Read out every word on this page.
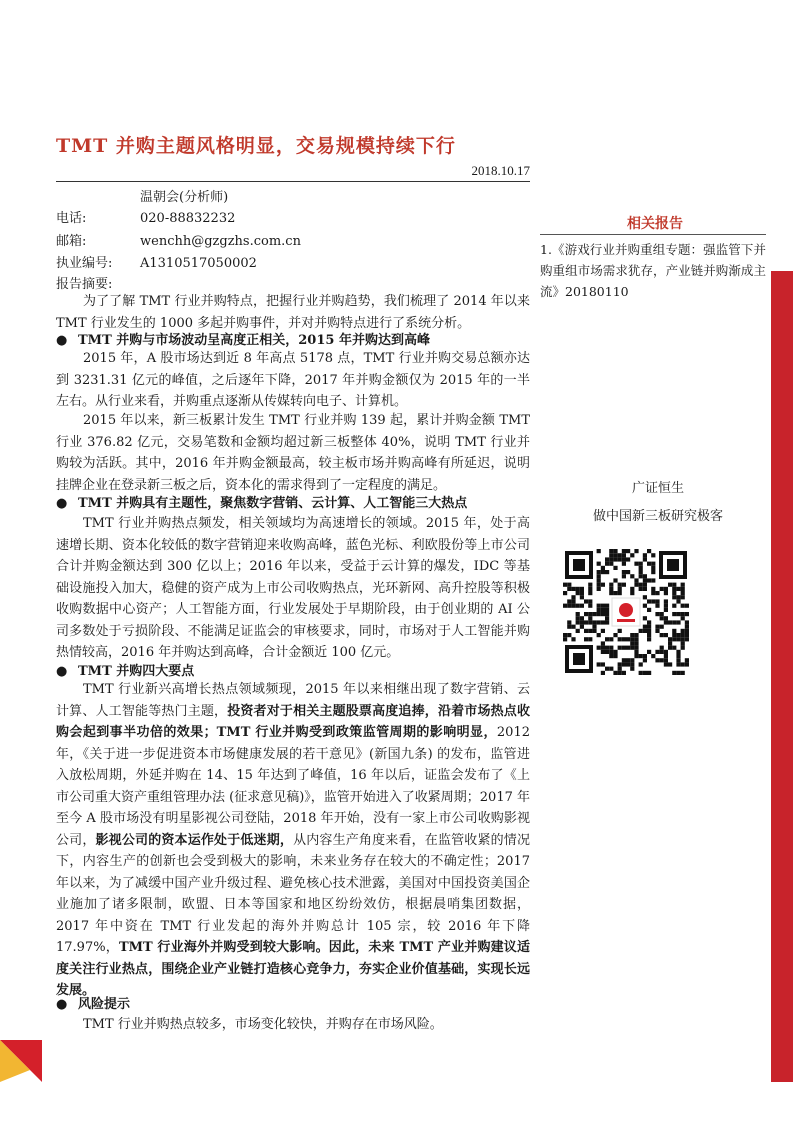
TMT 并购主题风格明显，交易规模持续下行
2018.10.17
温朝会(分析师)
电话:	020-88832232
邮箱:	wenchh@gzgzhs.com.cn
执业编号: A1310517050002
报告摘要:
为了了解 TMT 行业并购特点，把握行业并购趋势，我们梳理了 2014 年以来 TMT 行业发生的 1000 多起并购事件，并对并购特点进行了系统分析。
● TMT 并购与市场波动呈高度正相关，2015 年并购达到高峰
2015 年，A 股市场达到近 8 年高点 5178 点，TMT 行业并购交易总额亦达到 3231.31 亿元的峰值，之后逐年下降，2017 年并购金额仅为 2015 年的一半左右。从行业来看，并购重点逐渐从传媒转向电子、计算机。
2015 年以来，新三板累计发生 TMT 行业并购 139 起，累计并购金额 TMT 行业 376.82 亿元，交易笔数和金额均超过新三板整体 40%，说明 TMT 行业并购较为活跃。其中，2016 年并购金额最高，较主板市场并购高峰有所延迟，说明挂牌企业在登录新三板之后，资本化的需求得到了一定程度的满足。
● TMT 并购具有主题性，聚焦数字营销、云计算、人工智能三大热点
TMT 行业并购热点频发，相关领域均为高速增长的领域。2015 年，处于高速增长期、资本化较低的数字营销迎来收购高峰，蓝色光标、利欧股份等上市公司合计并购金额达到 300 亿以上；2016 年以来，受益于云计算的爆发，IDC 等基础设施投入加大，稳健的资产成为上市公司收购热点，光环新网、高升控股等积极收购数据中心资产；人工智能方面，行业发展处于早期阶段，由于创业期的 AI 公司多数处于亏损阶段、不能满足证监会的审核要求，同时，市场对于人工智能并购热情较高，2016 年并购达到高峰，合计金额近 100 亿元。
● TMT 并购四大要点
TMT 行业新兴高增长热点领域频现，2015 年以来相继出现了数字营销、云计算、人工智能等热门主题，投资者对于相关主题股票高度追捧，沿着市场热点收购会起到事半功倍的效果；TMT 行业并购受到政策监管周期的影响明显，2012 年，《关于进一步促进资本市场健康发展的若干意见》(新国九条) 的发布，监管进入放松周期，外延并购在 14、15 年达到了峰值，16 年以后，证监会发布了《上市公司重大资产重组管理办法 (征求意见稿)》，监管开始进入了收紧周期；2017 年至今 A 股市场没有明星影视公司登陆，2018 年开始，没有一家上市公司收购影视公司，影视公司的资本运作处于低迷期，从内容生产角度来看，在监管收紧的情况下，内容生产的创新也会受到极大的影响，未来业务存在较大的不确定性；2017 年以来，为了减缓中国产业升级过程、避免核心技术泄露，美国对中国投资美国企业施加了诸多限制，欧盟、日本等国家和地区纷纷效仿，根据晨哨集团数据，2017 年中资在 TMT 行业发起的海外并购总计 105 宗，较 2016 年下降 17.97%，TMT 行业海外并购受到较大影响。因此，未来 TMT 产业并购建议适度关注行业热点，围绕企业产业链打造核心竞争力，夯实企业价值基础，实现长远发展。
● 风险提示
TMT 行业并购热点较多，市场变化较快，并购存在市场风险。
相关报告
1.《游戏行业并购重组专题：强监管下并购重组市场需求犹存，产业链并购渐成主流》20180110
广证恒生
做中国新三板研究极客
